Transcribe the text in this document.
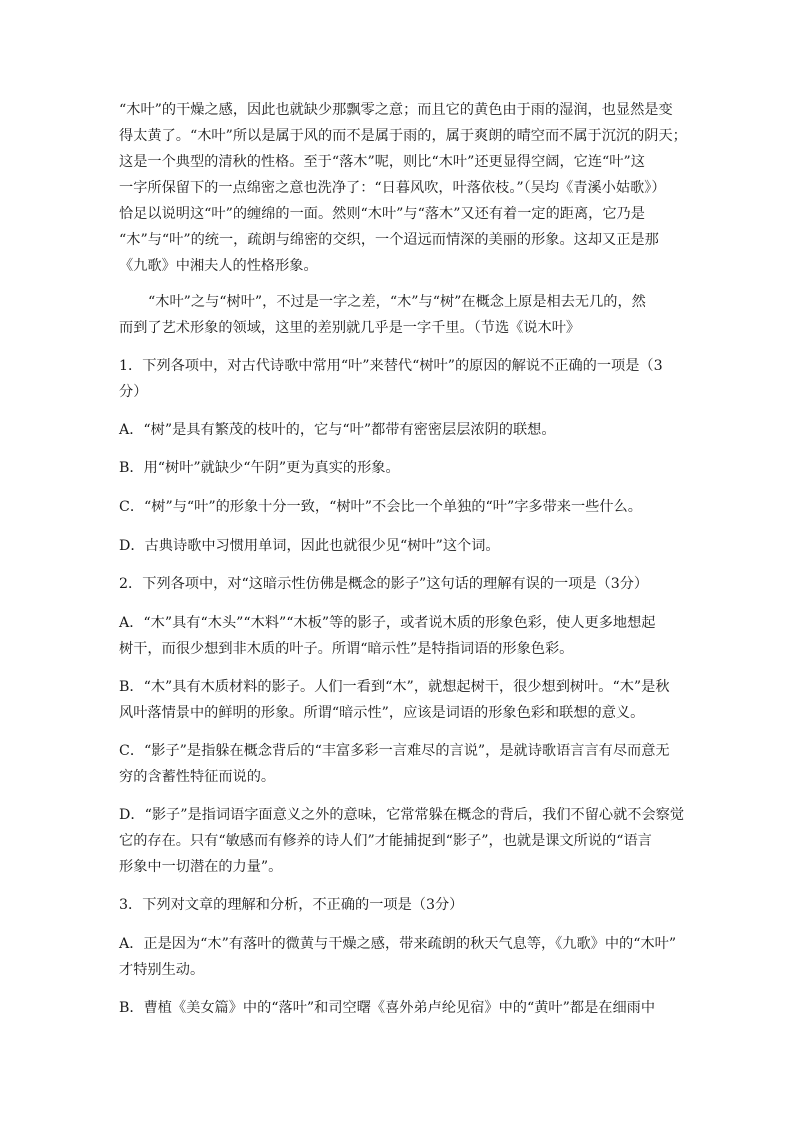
“木叶”的干燥之感，因此也就缺少那飘零之意；而且它的黄色由于雨的湿润，也显然是变
得太黄了。“木叶”所以是属于风的而不是属于雨的，属于爽朗的晴空而不属于沉沉的阴天；
这是一个典型的清秋的性格。至于“落木”呢，则比“木叶”还更显得空阔，它连“叶”这
一字所保留下的一点绵密之意也洗净了：“日暮风吹，叶落依枝。”（吴均《青溪小姑歌》）
恰足以说明这“叶”的缠绵的一面。然则“木叶”与“落木”又还有着一定的距离，它乃是
“木”与“叶”的统一，疏朗与绵密的交织，一个迢远而情深的美丽的形象。这却又正是那
《九歌》中湘夫人的性格形象。
“木叶”之与“树叶”，不过是一字之差，“木”与“树”在概念上原是相去无几的，然
而到了艺术形象的领域，这里的差别就几乎是一字千里。（节选《说木叶》
1．下列各项中，对古代诗歌中常用“叶”来替代“树叶”的原因的解说不正确的一项是（3
分）
A．“树”是具有繁茂的枝叶的，它与“叶”都带有密密层层浓阴的联想。
B．用“树叶”就缺少“午阴”更为真实的形象。
C．“树”与“叶”的形象十分一致，“树叶”不会比一个单独的“叶”字多带来一些什么。
D．古典诗歌中习惯用单词，因此也就很少见“树叶”这个词。
2．下列各项中，对“这暗示性仿佛是概念的影子”这句话的理解有误的一项是（3分）
A．“木”具有“木头”“木料”“木板”等的影子，或者说木质的形象色彩，使人更多地想起
树干，而很少想到非木质的叶子。所谓“暗示性”是特指词语的形象色彩。
B．“木”具有木质材料的影子。人们一看到“木”，就想起树干，很少想到树叶。“木”是秋
风叶落情景中的鲜明的形象。所谓“暗示性”，应该是词语的形象色彩和联想的意义。
C．“影子”是指躲在概念背后的“丰富多彩一言难尽的言说”，是就诗歌语言言有尽而意无
穷的含蓄性特征而说的。
D．“影子”是指词语字面意义之外的意味，它常常躲在概念的背后，我们不留心就不会察觉
它的存在。只有“敏感而有修养的诗人们”才能捕捉到“影子”，也就是课文所说的“语言
形象中一切潜在的力量”。
3．下列对文章的理解和分析，不正确的一项是（3分）
A．正是因为“木”有落叶的微黄与干燥之感，带来疏朗的秋天气息等，《九歌》中的“木叶”
才特别生动。
B．曹植《美女篇》中的“落叶”和司空曙《喜外弟卢纶见宿》中的“黄叶”都是在细雨中
